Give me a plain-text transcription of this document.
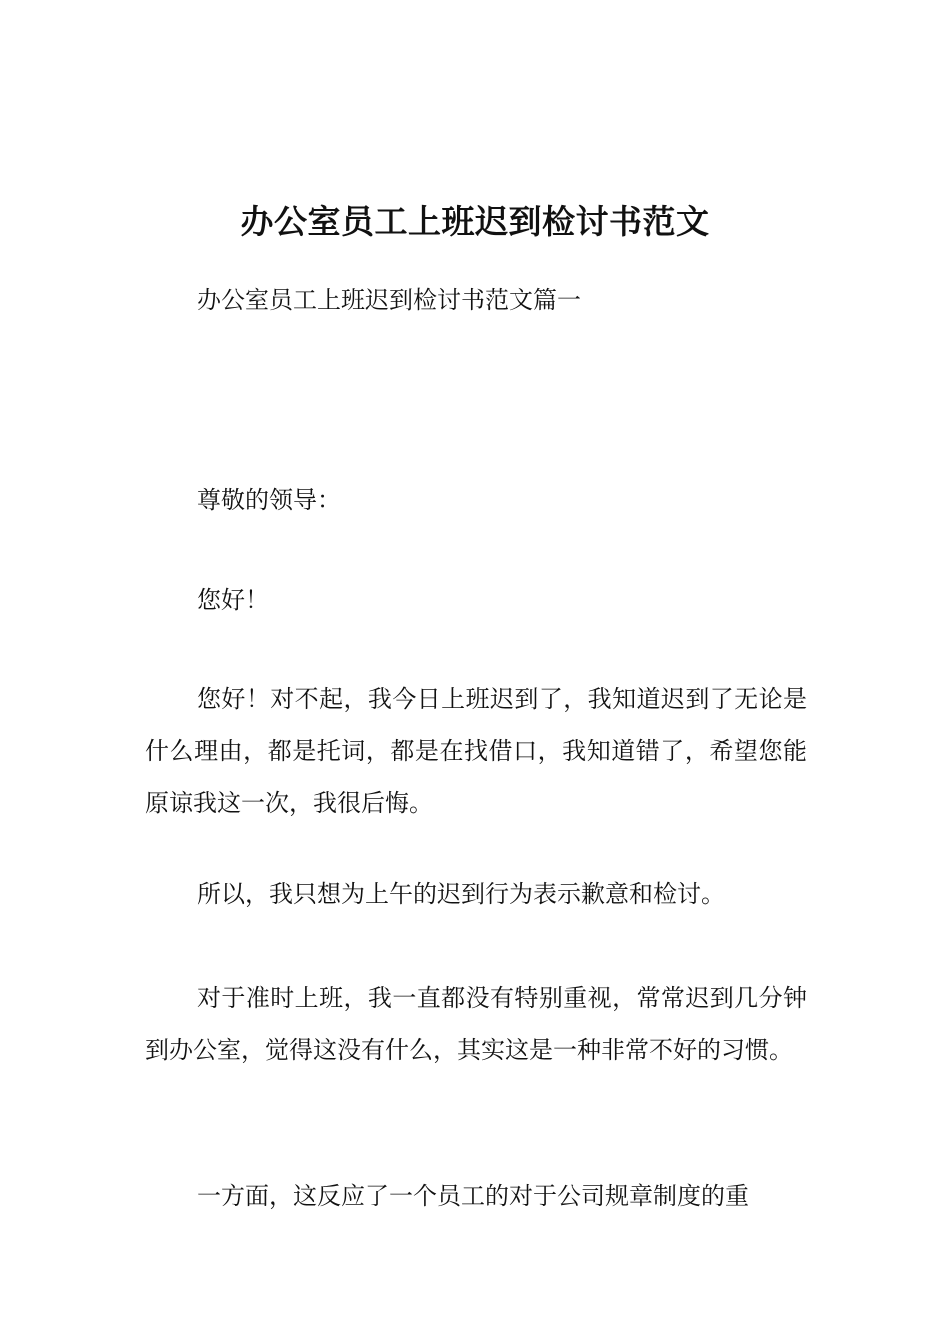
办公室员工上班迟到检讨书范文

办公室员工上班迟到检讨书范文篇一

尊敬的领导：

您好！

您好！对不起，我今日上班迟到了，我知道迟到了无论是什么理由，都是托词，都是在找借口，我知道错了，希望您能原谅我这一次，我很后悔。

所以，我只想为上午的迟到行为表示歉意和检讨。

对于准时上班，我一直都没有特别重视，常常迟到几分钟到办公室，觉得这没有什么，其实这是一种非常不好的习惯。

一方面，这反应了一个员工的对于公司规章制度的重
